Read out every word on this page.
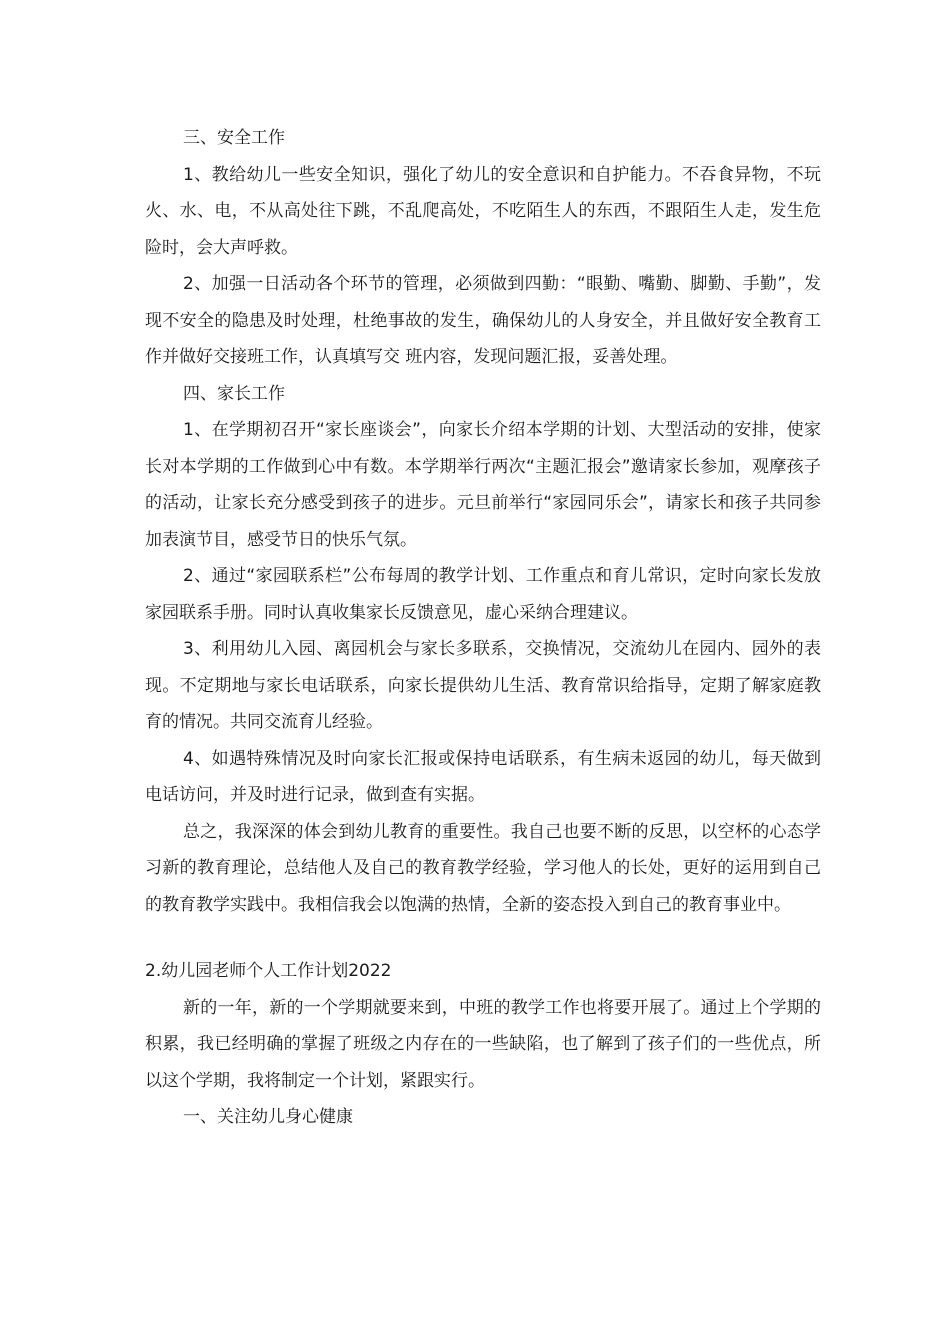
三、安全工作

1、教给幼儿一些安全知识，强化了幼儿的安全意识和自护能力。不吞食异物，不玩火、水、电，不从高处往下跳，不乱爬高处，不吃陌生人的东西，不跟陌生人走，发生危险时，会大声呼救。

2、加强一日活动各个环节的管理，必须做到四勤：“眼勤、嘴勤、脚勤、手勤”，发现不安全的隐患及时处理，杜绝事故的发生，确保幼儿的人身安全，并且做好安全教育工作并做好交接班工作，认真填写交 班内容，发现问题汇报，妥善处理。

四、家长工作

1、在学期初召开“家长座谈会”，向家长介绍本学期的计划、大型活动的安排，使家长对本学期的工作做到心中有数。本学期举行两次“主题汇报会”邀请家长参加，观摩孩子的活动，让家长充分感受到孩子的进步。元旦前举行“家园同乐会”，请家长和孩子共同参加表演节目，感受节日的快乐气氛。

2、通过“家园联系栏”公布每周的教学计划、工作重点和育儿常识，定时向家长发放家园联系手册。同时认真收集家长反馈意见，虚心采纳合理建议。

3、利用幼儿入园、离园机会与家长多联系，交换情况，交流幼儿在园内、园外的表现。不定期地与家长电话联系，向家长提供幼儿生活、教育常识给指导，定期了解家庭教育的情况。共同交流育儿经验。

4、如遇特殊情况及时向家长汇报或保持电话联系，有生病未返园的幼儿，每天做到电话访问，并及时进行记录，做到查有实据。

总之，我深深的体会到幼儿教育的重要性。我自己也要不断的反思，以空杯的心态学习新的教育理论，总结他人及自己的教育教学经验，学习他人的长处，更好的运用到自己的教育教学实践中。我相信我会以饱满的热情，全新的姿态投入到自己的教育事业中。

2.幼儿园老师个人工作计划2022

新的一年，新的一个学期就要来到，中班的教学工作也将要开展了。通过上个学期的积累，我已经明确的掌握了班级之内存在的一些缺陷，也了解到了孩子们的一些优点，所以这个学期，我将制定一个计划，紧跟实行。

一、关注幼儿身心健康
